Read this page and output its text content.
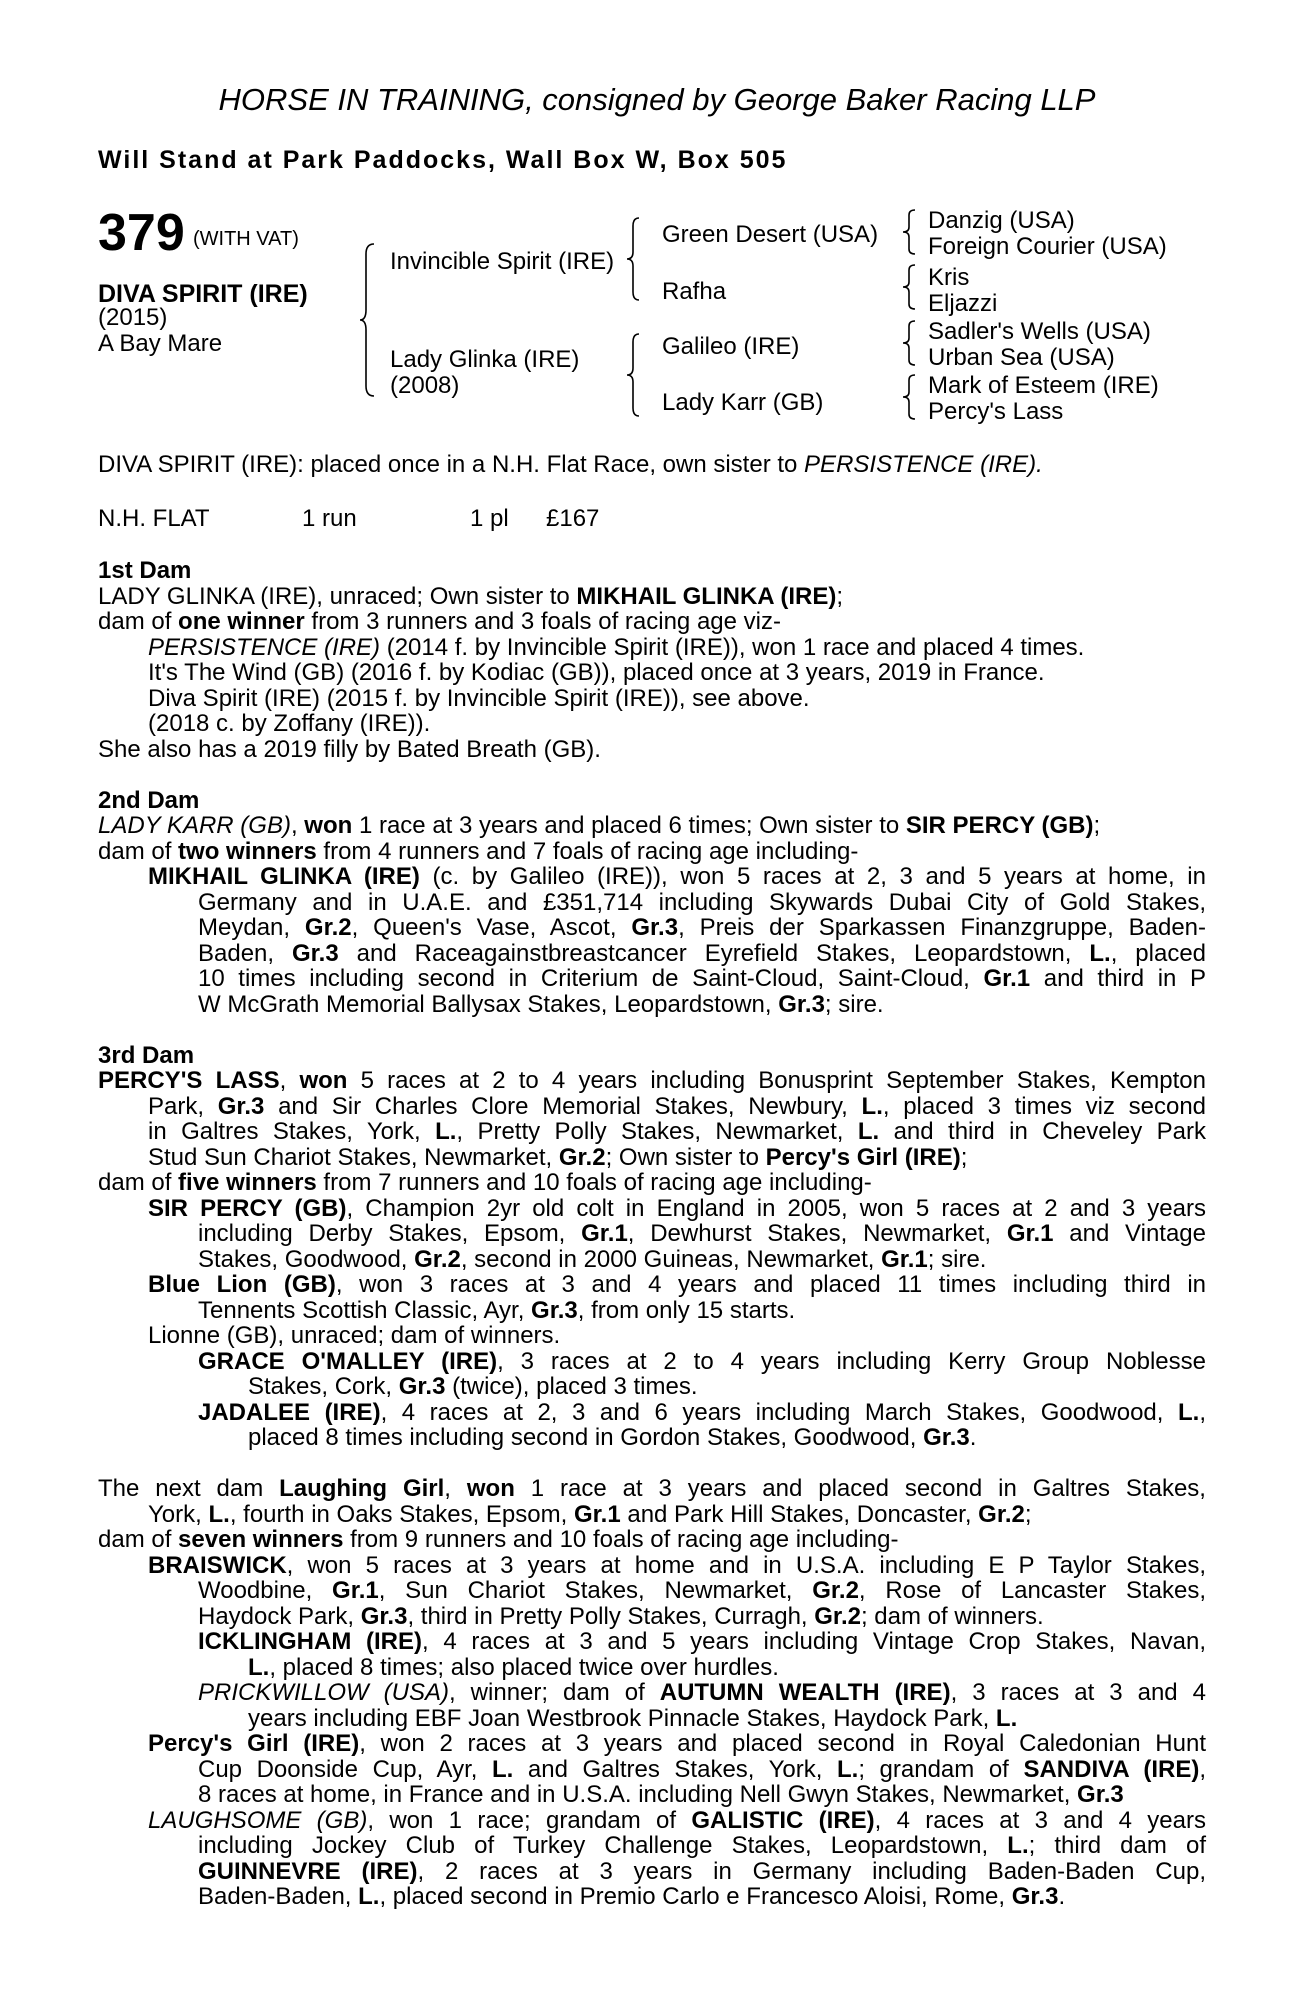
HORSE IN TRAINING, consigned by George Baker Racing LLP
Will Stand at Park Paddocks, Wall Box W, Box 505
379 (WITH VAT)
DIVA SPIRIT (IRE)
(2015)
A Bay Mare
Invincible Spirit (IRE)
Lady Glinka (IRE)
(2008)
Green Desert (USA)
Rafha
Galileo (IRE)
Lady Karr (GB)
Danzig (USA)
Foreign Courier (USA)
Kris
Eljazzi
Sadler's Wells (USA)
Urban Sea (USA)
Mark of Esteem (IRE)
Percy's Lass
DIVA SPIRIT (IRE): placed once in a N.H. Flat Race, own sister to PERSISTENCE (IRE).
N.H. FLAT	1 run	1 pl £167
1st Dam
LADY GLINKA (IRE), unraced; Own sister to MIKHAIL GLINKA (IRE);
dam of one winner from 3 runners and 3 foals of racing age viz-
PERSISTENCE (IRE) (2014 f. by Invincible Spirit (IRE)), won 1 race and placed 4 times.
It's The Wind (GB) (2016 f. by Kodiac (GB)), placed once at 3 years, 2019 in France.
Diva Spirit (IRE) (2015 f. by Invincible Spirit (IRE)), see above.
(2018 c. by Zoffany (IRE)).
She also has a 2019 filly by Bated Breath (GB).
2nd Dam
LADY KARR (GB), won 1 race at 3 years and placed 6 times; Own sister to SIR PERCY (GB);
dam of two winners from 4 runners and 7 foals of racing age including-
MIKHAIL GLINKA (IRE) (c. by Galileo (IRE)), won 5 races at 2, 3 and 5 years at home, in
Germany and in U.A.E. and £351,714 including Skywards Dubai City of Gold Stakes,
Meydan, Gr.2, Queen's Vase, Ascot, Gr.3, Preis der Sparkassen Finanzgruppe, Baden-
Baden, Gr.3 and Raceagainstbreastcancer Eyrefield Stakes, Leopardstown, L., placed
10 times including second in Criterium de Saint-Cloud, Saint-Cloud, Gr.1 and third in P
W McGrath Memorial Ballysax Stakes, Leopardstown, Gr.3; sire.
3rd Dam
PERCY'S LASS, won 5 races at 2 to 4 years including Bonusprint September Stakes, Kempton
Park, Gr.3 and Sir Charles Clore Memorial Stakes, Newbury, L., placed 3 times viz second
in Galtres Stakes, York, L., Pretty Polly Stakes, Newmarket, L. and third in Cheveley Park
Stud Sun Chariot Stakes, Newmarket, Gr.2; Own sister to Percy's Girl (IRE);
dam of five winners from 7 runners and 10 foals of racing age including-
SIR PERCY (GB), Champion 2yr old colt in England in 2005, won 5 races at 2 and 3 years
including Derby Stakes, Epsom, Gr.1, Dewhurst Stakes, Newmarket, Gr.1 and Vintage
Stakes, Goodwood, Gr.2, second in 2000 Guineas, Newmarket, Gr.1; sire.
Blue Lion (GB), won 3 races at 3 and 4 years and placed 11 times including third in
Tennents Scottish Classic, Ayr, Gr.3, from only 15 starts.
Lionne (GB), unraced; dam of winners.
GRACE O'MALLEY (IRE), 3 races at 2 to 4 years including Kerry Group Noblesse
Stakes, Cork, Gr.3 (twice), placed 3 times.
JADALEE (IRE), 4 races at 2, 3 and 6 years including March Stakes, Goodwood, L.,
placed 8 times including second in Gordon Stakes, Goodwood, Gr.3.
The next dam Laughing Girl, won 1 race at 3 years and placed second in Galtres Stakes,
York, L., fourth in Oaks Stakes, Epsom, Gr.1 and Park Hill Stakes, Doncaster, Gr.2;
dam of seven winners from 9 runners and 10 foals of racing age including-
BRAISWICK, won 5 races at 3 years at home and in U.S.A. including E P Taylor Stakes,
Woodbine, Gr.1, Sun Chariot Stakes, Newmarket, Gr.2, Rose of Lancaster Stakes,
Haydock Park, Gr.3, third in Pretty Polly Stakes, Curragh, Gr.2; dam of winners.
ICKLINGHAM (IRE), 4 races at 3 and 5 years including Vintage Crop Stakes, Navan,
L., placed 8 times; also placed twice over hurdles.
PRICKWILLOW (USA), winner; dam of AUTUMN WEALTH (IRE), 3 races at 3 and 4
years including EBF Joan Westbrook Pinnacle Stakes, Haydock Park, L.
Percy's Girl (IRE), won 2 races at 3 years and placed second in Royal Caledonian Hunt
Cup Doonside Cup, Ayr, L. and Galtres Stakes, York, L.; grandam of SANDIVA (IRE),
8 races at home, in France and in U.S.A. including Nell Gwyn Stakes, Newmarket, Gr.3
LAUGHSOME (GB), won 1 race; grandam of GALISTIC (IRE), 4 races at 3 and 4 years
including Jockey Club of Turkey Challenge Stakes, Leopardstown, L.; third dam of
GUINNEVRE (IRE), 2 races at 3 years in Germany including Baden-Baden Cup,
Baden-Baden, L., placed second in Premio Carlo e Francesco Aloisi, Rome, Gr.3.
